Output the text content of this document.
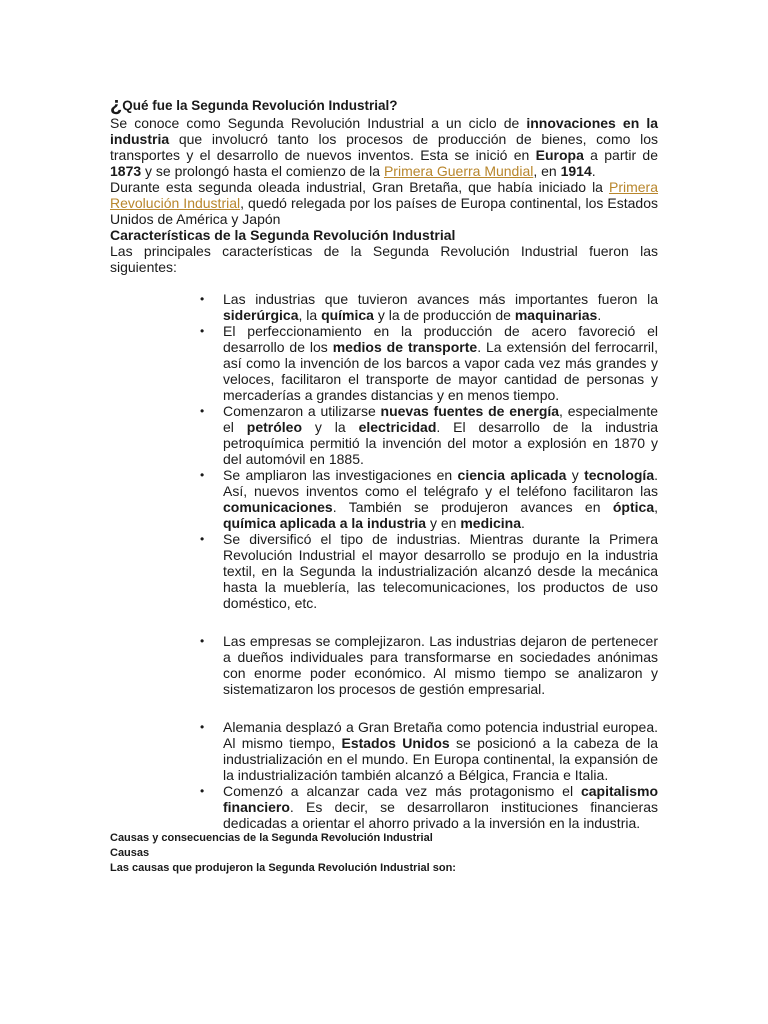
¿Qué fue la Segunda Revolución Industrial?

Se conoce como Segunda Revolución Industrial a un ciclo de innovaciones en la industria que involucró tanto los procesos de producción de bienes, como los transportes y el desarrollo de nuevos inventos. Esta se inició en Europa a partir de 1873 y se prolongó hasta el comienzo de la Primera Guerra Mundial, en 1914.

Durante esta segunda oleada industrial, Gran Bretaña, que había iniciado la Primera Revolución Industrial, quedó relegada por los países de Europa continental, los Estados Unidos de América y Japón

Características de la Segunda Revolución Industrial

Las principales características de la Segunda Revolución Industrial fueron las siguientes:

• Las industrias que tuvieron avances más importantes fueron la siderúrgica, la química y la de producción de maquinarias.
• El perfeccionamiento en la producción de acero favoreció el desarrollo de los medios de transporte. La extensión del ferrocarril, así como la invención de los barcos a vapor cada vez más grandes y veloces, facilitaron el transporte de mayor cantidad de personas y mercaderías a grandes distancias y en menos tiempo.
• Comenzaron a utilizarse nuevas fuentes de energía, especialmente el petróleo y la electricidad. El desarrollo de la industria petroquímica permitió la invención del motor a explosión en 1870 y del automóvil en 1885.
• Se ampliaron las investigaciones en ciencia aplicada y tecnología. Así, nuevos inventos como el telégrafo y el teléfono facilitaron las comunicaciones. También se produjeron avances en óptica, química aplicada a la industria y en medicina.
• Se diversificó el tipo de industrias. Mientras durante la Primera Revolución Industrial el mayor desarrollo se produjo en la industria textil, en la Segunda la industrialización alcanzó desde la mecánica hasta la mueblería, las telecomunicaciones, los productos de uso doméstico, etc.
• Las empresas se complejizaron. Las industrias dejaron de pertenecer a dueños individuales para transformarse en sociedades anónimas con enorme poder económico. Al mismo tiempo se analizaron y sistematizaron los procesos de gestión empresarial.
• Alemania desplazó a Gran Bretaña como potencia industrial europea. Al mismo tiempo, Estados Unidos se posicionó a la cabeza de la industrialización en el mundo. En Europa continental, la expansión de la industrialización también alcanzó a Bélgica, Francia e Italia.
• Comenzó a alcanzar cada vez más protagonismo el capitalismo financiero. Es decir, se desarrollaron instituciones financieras dedicadas a orientar el ahorro privado a la inversión en la industria.
Causas y consecuencias de la Segunda Revolución Industrial
Causas
Las causas que produjeron la Segunda Revolución Industrial son:
